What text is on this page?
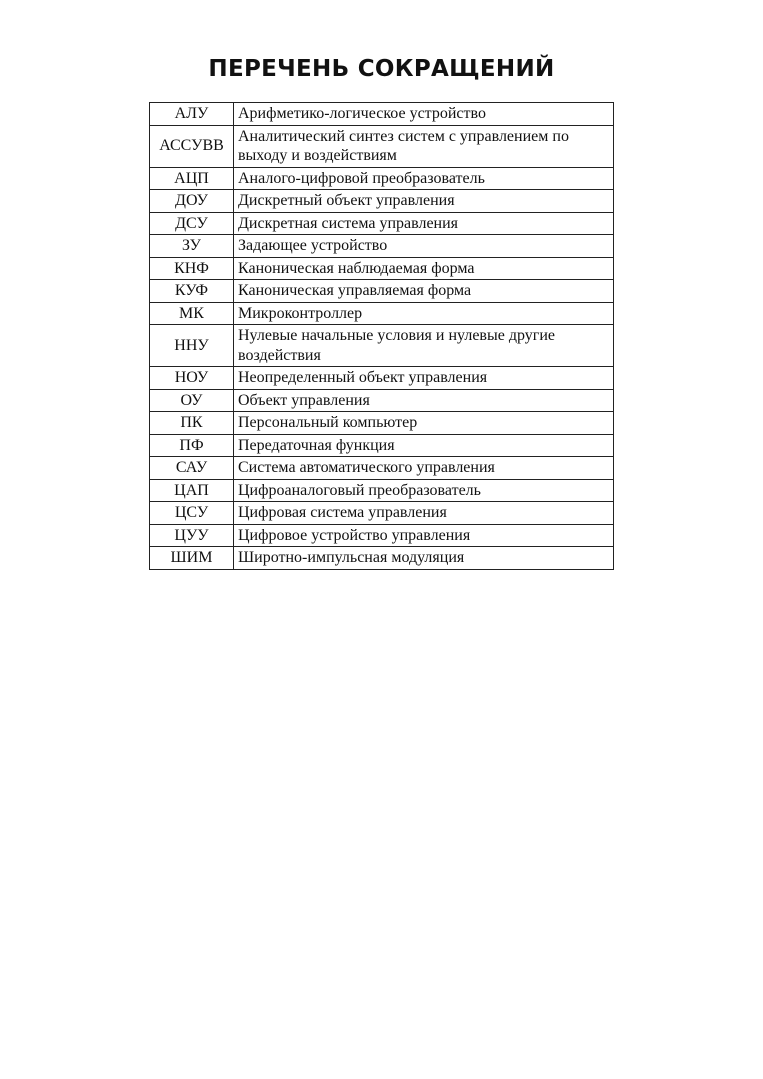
ПЕРЕЧЕНЬ СОКРАЩЕНИЙ
АЛУ	Арифметико-логическое устройство
АССУВВ	Аналитический синтез систем с управлением по выходу и воздействиям
АЦП	Аналого-цифровой преобразователь
ДОУ	Дискретный объект управления
ДСУ	Дискретная система управления
ЗУ	Задающее устройство
КНФ	Каноническая наблюдаемая форма
КУФ	Каноническая управляемая форма
МК	Микроконтроллер
ННУ	Нулевые начальные условия и нулевые другие воздействия
НОУ	Неопределенный объект управления
ОУ	Объект управления
ПК	Персональный компьютер
ПФ	Передаточная функция
САУ	Система автоматического управления
ЦАП	Цифроаналоговый преобразователь
ЦСУ	Цифровая система управления
ЦУУ	Цифровое устройство управления
ШИМ	Широтно-импульсная модуляция
